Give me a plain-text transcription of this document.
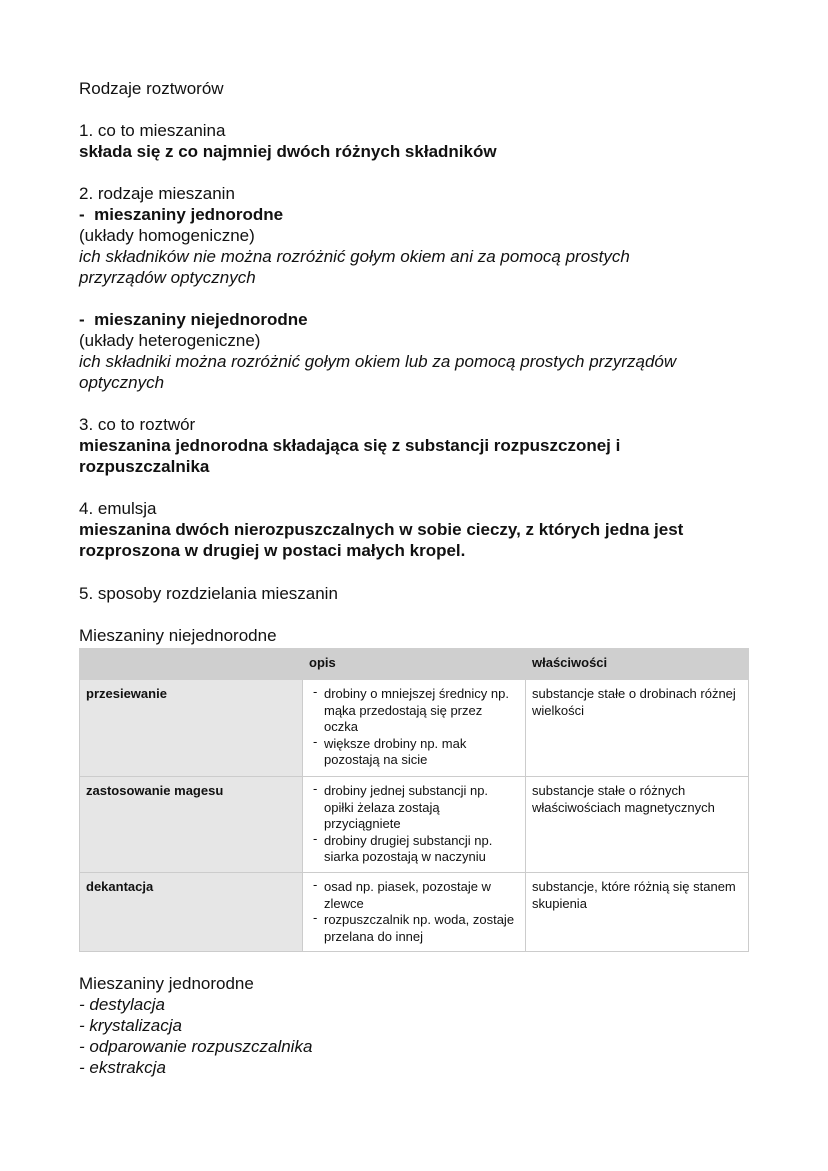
Rodzaje roztworów

1. co to mieszanina

składa się z co najmniej dwóch różnych składników

2. rodzaje mieszanin

- mieszaniny jednorodne

(układy homogeniczne)

ich składników nie można rozróżnić gołym okiem ani za pomocą prostych

przyrządów optycznych

- mieszaniny niejednorodne

(układy heterogeniczne)

ich składniki można rozróżnić gołym okiem lub za pomocą prostych przyrządów

optycznych

3. co to roztwór

mieszanina jednorodna składająca się z substancji rozpuszczonej i

rozpuszczalnika

4. emulsja

mieszanina dwóch nierozpuszczalnych w sobie cieczy, z których jedna jest

rozproszona w drugiej w postaci małych kropel.

5. sposoby rozdzielania mieszanin

Mieszaniny niejednorodne

	opis	właściwości
przesiewanie	- drobiny o mniejszej średnicy np. mąka przedostają się przez oczka
- większe drobiny np. mak pozostają na sicie	substancje stałe o drobinach różnej wielkości
zastosowanie magesu	- drobiny jednej substancji np. opiłki żelaza zostają przyciągniete
- drobiny drugiej substancji np. siarka pozostają w naczyniu	substancje stałe o różnych właściwościach magnetycznych
dekantacja	- osad np. piasek, pozostaje w zlewce
- rozpuszczalnik np. woda, zostaje przelana do innej	substancje, które różnią się stanem skupienia

Mieszaniny jednorodne

- destylacja

- krystalizacja

- odparowanie rozpuszczalnika

- ekstrakcja
